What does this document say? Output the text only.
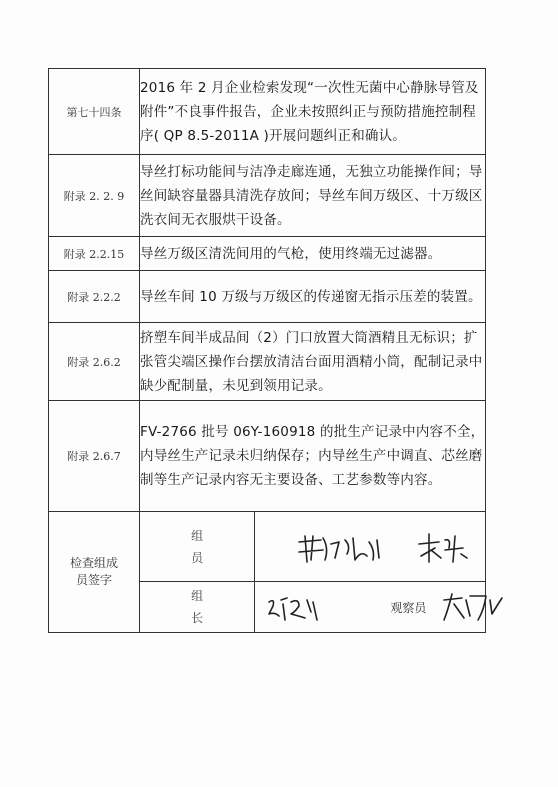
第七十四条	2016 年 2 月企业检索发现“一次性无菌中心静脉导管及附件”不良事件报告，企业未按照纠正与预防措施控制程序( QP 8.5-2011A )开展问题纠正和确认。	
附录 2. 2. 9	导丝打标功能间与洁净走廊连通，无独立功能操作间；导丝间缺容量器具清洗存放间；导丝车间万级区、十万级区洗衣间无衣服烘干设备。	
附录 2.2.15	导丝万级区清洗间用的气枪，使用终端无过滤器。	
附录 2.2.2	导丝车间 10 万级与万级区的传递窗无指示压差的装置。	
附录 2.6.2	挤塑车间半成品间（2）门口放置大筒酒精且无标识；扩张管尖端区操作台摆放清洁台面用酒精小筒，配制记录中缺少配制量，未见到领用记录。	
附录 2.6.7	FV-2766 批号 06Y-160918 的批生产记录中内容不全，内导丝生产记录未归纳保存；内导丝生产中调直、芯丝磨制等生产记录内容无主要设备、工艺参数等内容。	

检查组成员签字	组员

	组长	观察员
